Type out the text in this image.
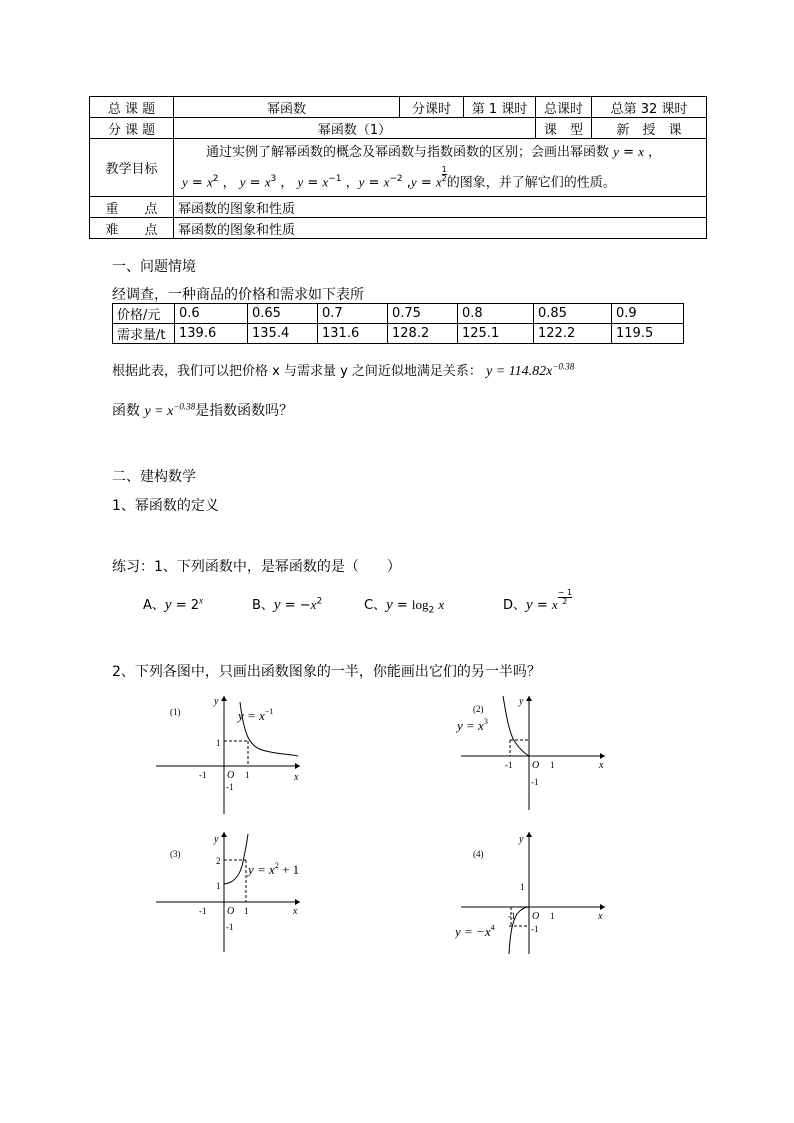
总 课 题	幂函数	分课时	第 1 课时	总课时	总第 32 课时
分 课 题	幂函数（1）			课　型	新　授　课
教学目标	通过实例了解幂函数的概念及幂函数与指数函数的区别；会画出幂函数 y = x ，
$y = x^2$ ， $y = x^3$ ， $y = x^{-1}$ ，$y = x^{-2}$ ,y = x $\frac{1}{2}$ 的图象，并了解它们的性质。				

重　　点	幂函数的图象和性质				
难　　点	幂函数的图象和性质				
一、问题情境
经调查，一种商品的价格和需求如下表所
价格/元	0.6	0.65	0.7	0.75	0.8	0.85	0.9
需求量/t	139.6	135.4	131.6	128.2	125.1	122.2	119.5
根据此表，我们可以把价格 x 与需求量 y 之间近似地满足关系： $y = 114.82x^{-0.38}$
函数 $y = x^{-0.38}$是指数函数吗？
二、建构数学
1、幂函数的定义
练习：1、下列函数中，是幂函数的是（　　）
A、$y = 2^x$	B、$y = -x^2$	C、$y = \log_2 x$	D、y = x $\frac{- 1}{2}$
2、下列各图中，只画出函数图象的一半，你能画出它们的另一半吗？
(1)
y
x
O
-1	1
1
-1
$y = x^{-1}$	(2)
y
x
O
-1	1
-1
$y = x^3$
(3)
y
x
O
-1	1
2
1
-1
$y = x^2 + 1$
(4)
y
x
O
-1	1
1
-1
$y = -x^4$
